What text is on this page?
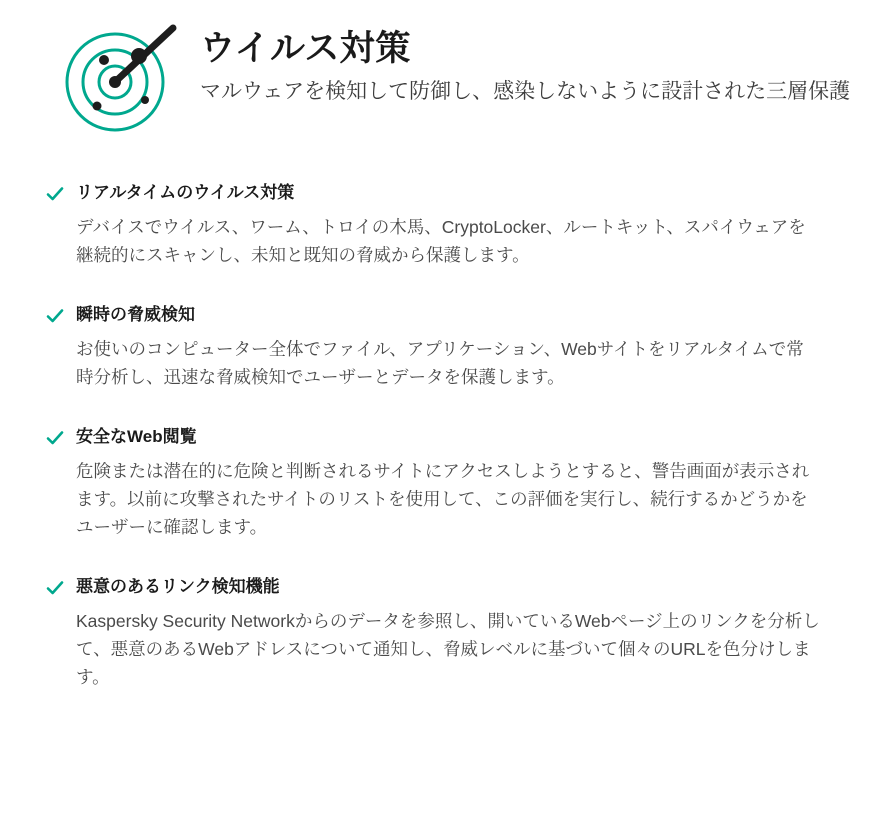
ウイルス対策

マルウェアを検知して防御し、感染しないように設計された三層保護

リアルタイムのウイルス対策
デバイスでウイルス、ワーム、トロイの木馬、CryptoLocker、ルートキット、スパイウェアを継続的にスキャンし、未知と既知の脅威から保護します。
瞬時の脅威検知
お使いのコンピューター全体でファイル、アプリケーション、Webサイトをリアルタイムで常時分析し、迅速な脅威検知でユーザーとデータを保護します。
安全なWeb閲覧
危険または潜在的に危険と判断されるサイトにアクセスしようとすると、警告画面が表示されます。以前に攻撃されたサイトのリストを使用して、この評価を実行し、続行するかどうかをユーザーに確認します。
悪意のあるリンク検知機能
Kaspersky Security Networkからのデータを参照し、開いているWebページ上のリンクを分析して、悪意のあるWebアドレスについて通知し、脅威レベルに基づいて個々のURLを色分けします。
